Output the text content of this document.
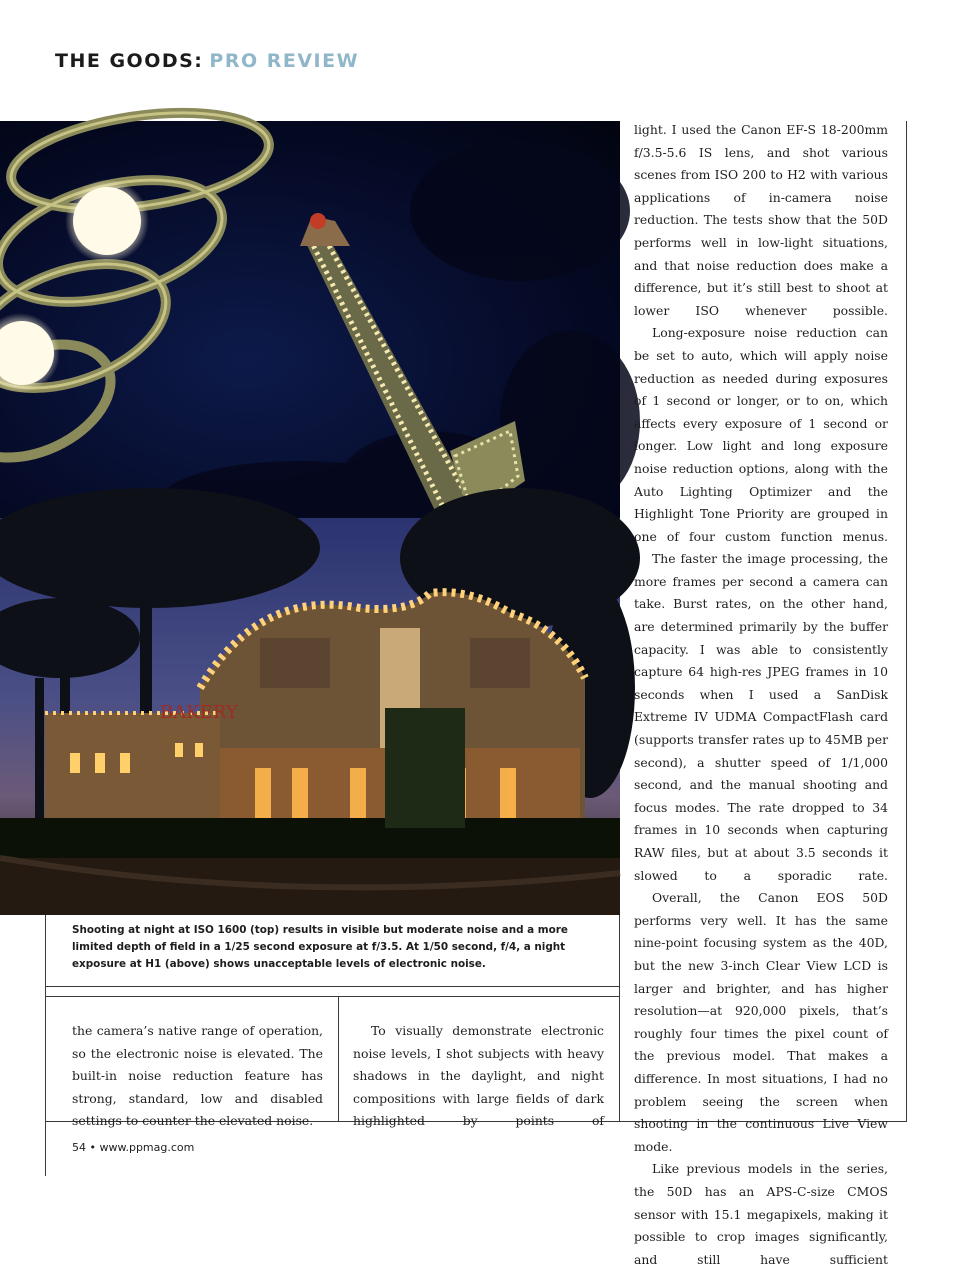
THE GOODS: PRO REVIEW
BAKERY
Shooting at night at ISO 1600 (top) results in visible but moderate noise and a more limited depth of field in a 1/25 second exposure at f/3.5. At 1/50 second, f/4, a night exposure at H1 (above) shows unacceptable levels of electronic noise.

light. I used the Canon EF-S 18-200mm f/3.5-5.6 IS lens, and shot various scenes from ISO 200 to H2 with various applications of in-camera noise reduction. The tests show that the 50D performs well in low-light situations, and that noise reduction does make a difference, but it’s still best to shoot at lower ISO whenever possible.

Long-exposure noise reduction can be set to auto, which will apply noise reduction as needed during exposures of 1 second or longer, or to on, which affects every exposure of 1 second or longer. Low light and long exposure noise reduction options, along with the Auto Lighting Optimizer and the Highlight Tone Priority are grouped in one of four custom function menus.

The faster the image processing, the more frames per second a camera can take. Burst rates, on the other hand, are determined primarily by the buffer capacity. I was able to consistently capture 64 high-res JPEG frames in 10 seconds when I used a SanDisk Extreme IV UDMA CompactFlash card (supports transfer rates up to 45MB per second), a shutter speed of 1/1,000 second, and the manual shooting and focus modes. The rate dropped to 34 frames in 10 seconds when capturing RAW files, but at about 3.5 seconds it slowed to a sporadic rate.

Overall, the Canon EOS 50D performs very well. It has the same nine-point focusing system as the 40D, but the new 3-inch Clear View LCD is larger and brighter, and has higher resolution—at 920,000 pixels, that’s roughly four times the pixel count of the previous model. That makes a difference. In most situations, I had no problem seeing the screen when shooting in the continuous Live View mode.

Like previous models in the series, the 50D has an APS-C-size CMOS sensor with 15.1 megapixels, making it possible to crop images significantly, and still have sufficient

the camera’s native range of operation, so the electronic noise is elevated. The built-in noise reduction feature has strong, standard, low and disabled settings to counter the elevated noise.

To visually demonstrate electronic noise levels, I shot subjects with heavy shadows in the daylight, and night compositions with large fields of dark highlighted by points of

54 • www.ppmag.com
